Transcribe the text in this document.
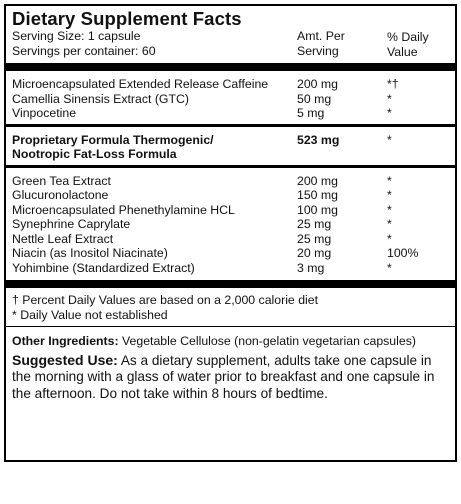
Dietary Supplement Facts
Serving Size: 1 capsule
Servings per container: 60
Amt. Per
Serving
% Daily
Value
Microencapsulated Extended Release Caffeine	200 mg	*†
Camellia Sinensis Extract (GTC)	50 mg	*
Vinpocetine	5 mg	*
Proprietary Formula Thermogenic/ Nootropic Fat-Loss Formula
523 mg	*
Green Tea Extract	200 mg	*
Glucuronolactone	150 mg	*
Microencapsulated Phenethylamine HCL	100 mg	*
Synephrine Caprylate	25 mg	*
Nettle Leaf Extract	25 mg	*
Niacin (as Inositol Niacinate)	20 mg	100%
Yohimbine (Standardized Extract)	3 mg	*
† Percent Daily Values are based on a 2,000 calorie diet
* Daily Value not established
Other Ingredients: Vegetable Cellulose (non-gelatin vegetarian capsules)
Suggested Use: As a dietary supplement, adults take one capsule in the morning with a glass of water prior to breakfast and one capsule in the afternoon. Do not take within 8 hours of bedtime.
